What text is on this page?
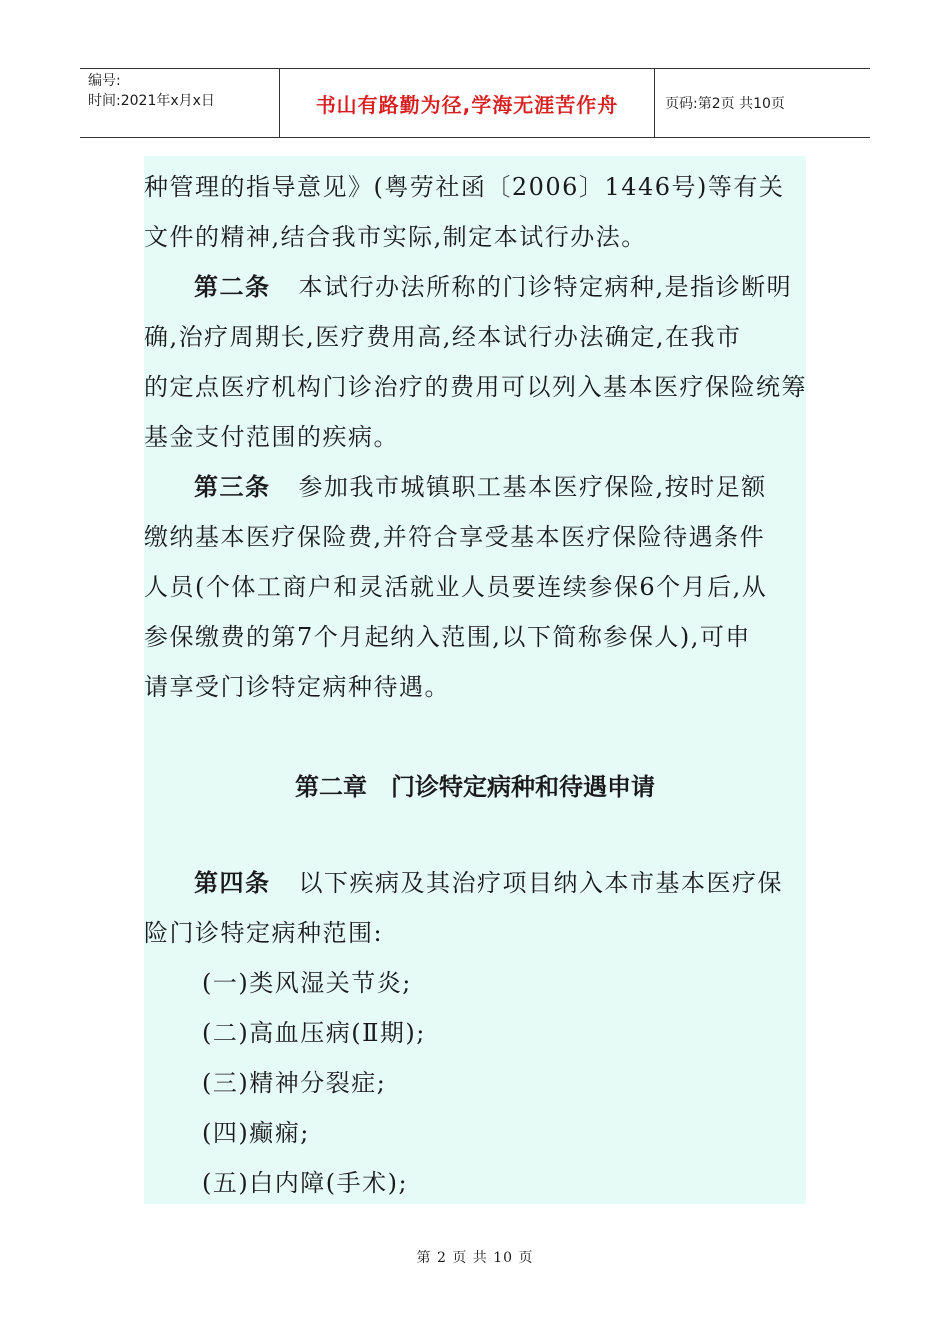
编号:
时间:2021年x月x日	书山有路勤为径,学海无涯苦作舟	页码:第2页 共10页
种管理的指导意见》(粤劳社函〔2006〕1446号)等有关
文件的精神,结合我市实际,制定本试行办法。
第二条 本试行办法所称的门诊特定病种,是指诊断明
确,治疗周期长,医疗费用高,经本试行办法确定,在我市
的定点医疗机构门诊治疗的费用可以列入基本医疗保险统筹
基金支付范围的疾病。
第三条 参加我市城镇职工基本医疗保险,按时足额
缴纳基本医疗保险费,并符合享受基本医疗保险待遇条件
人员(个体工商户和灵活就业人员要连续参保6个月后,从
参保缴费的第7个月起纳入范围,以下简称参保人),可申
请享受门诊特定病种待遇。
第二章　门诊特定病种和待遇申请
第四条 以下疾病及其治疗项目纳入本市基本医疗保
险门诊特定病种范围:
(一)类风湿关节炎;
(二)高血压病(Ⅱ期);
(三)精神分裂症;
(四)癫痫;
(五)白内障(手术);
第 2 页 共 10 页
